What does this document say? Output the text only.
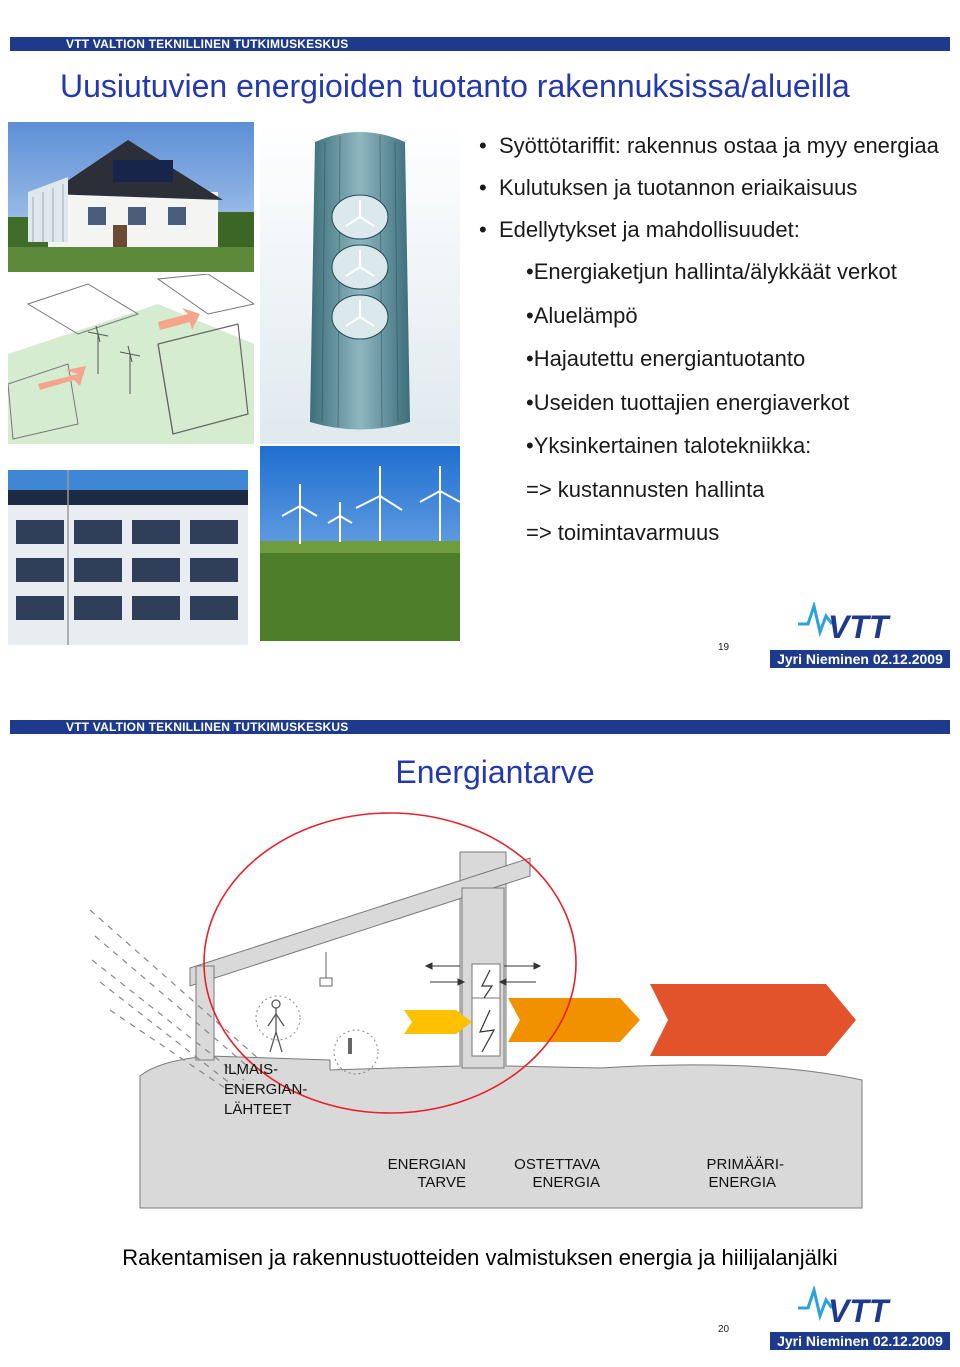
VTT VALTION TEKNILLINEN TUTKIMUSKESKUS
Uusiutuvien energioiden tuotanto rakennuksissa/alueilla
• Syöttötariffit: rakennus ostaa ja myy energiaa
• Kulutuksen ja tuotannon eriaikaisuus
• Edellytykset ja mahdollisuudet:
•Energiaketjun hallinta/älykkäät verkot
•Aluelämpö
•Hajautettu energiantuotanto
•Useiden tuottajien energiaverkot
•Yksinkertainen talotekniikka:
=> kustannusten hallinta
=> toimintavarmuus
VTT
19
Jyri Nieminen 02.12.2009
VTT VALTION TEKNILLINEN TUTKIMUSKESKUS
Energiantarve
ILMAIS-
ENERGIAN-
LÄHTEET
ENERGIAN
TARVE
OSTETTAVA
ENERGIA
PRIMÄÄRI-
ENERGIA
Rakentamisen ja rakennustuotteiden valmistuksen energia ja hiilijalanjälki
VTT
20
Jyri Nieminen 02.12.2009
